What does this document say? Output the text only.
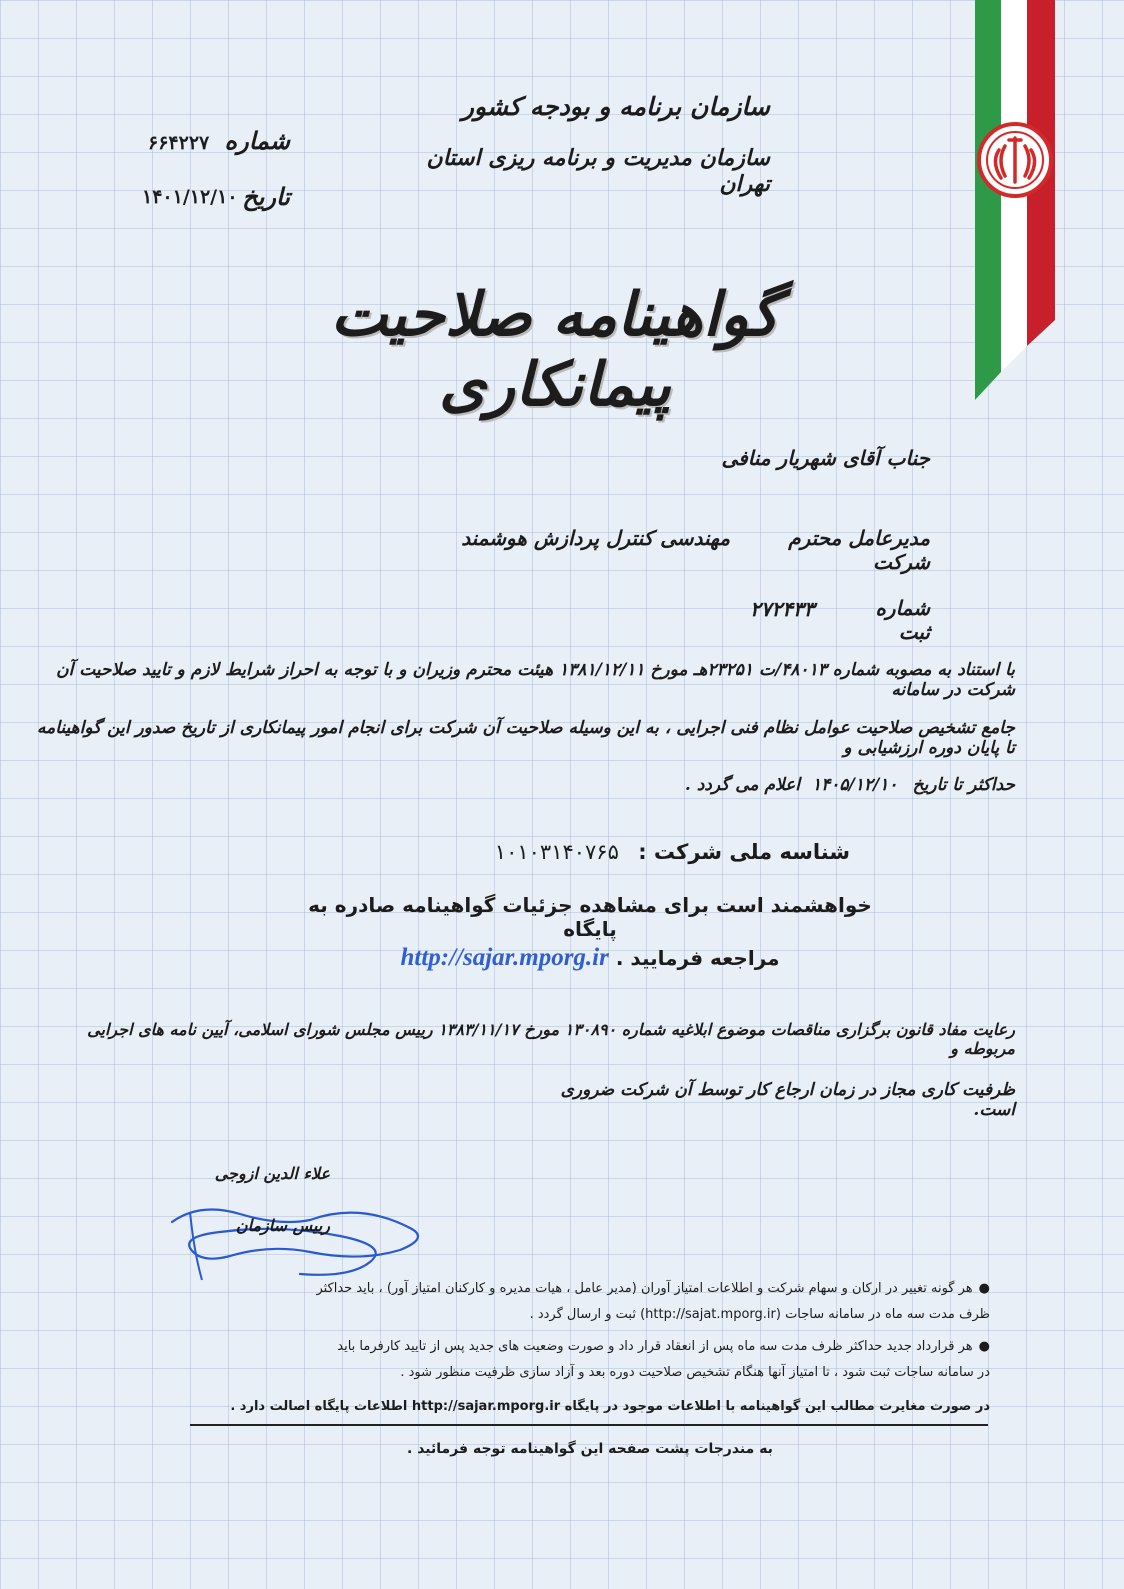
سازمان برنامه و بودجه کشور
سازمان مدیریت و برنامه ریزی استان تهران
شماره
۶۶۴۲۲۷
تاریخ
۱۴۰۱/۱۲/۱۰
گواهینامه صلاحیت پیمانکاری
جناب آقای شهریار منافی
مدیرعامل محترم شرکت
مهندسی کنترل پردازش هوشمند
شماره ثبت
۲۷۲۴۳۳
با استناد به مصوبه شماره ۴۸۰۱۳/ت ۲۳۲۵۱هـ مورخ ۱۳۸۱/۱۲/۱۱ هیئت محترم وزیران و با توجه به احراز شرایط لازم و تایید صلاحیت آن شرکت در سامانه
جامع تشخیص صلاحیت عوامل نظام فنی اجرایی ، به این وسیله صلاحیت آن شرکت برای انجام امور پیمانکاری از تاریخ صدور این گواهینامه تا پایان دوره ارزشیابی و
حداکثر تا تاریخ
۱۴۰۵/۱۲/۱۰
اعلام می گردد .
شناسه ملی شرکت : ۱۰۱۰۳۱۴۰۷۶۵
خواهشمند است برای مشاهده جزئیات گواهینامه صادره به پایگاه
مراجعه فرمایید . http://sajar.mporg.ir
رعایت مفاد قانون برگزاری مناقصات موضوع ابلاغیه شماره ۱۳۰۸۹۰ مورخ ۱۳۸۳/۱۱/۱۷ رییس مجلس شورای اسلامی، آیین نامه های اجرایی مربوطه و
ظرفیت کاری مجاز در زمان ارجاع کار توسط آن شرکت ضروری است.
علاء الدین ازوجی
رییس سازمان
●هر گونه تغییر در ارکان و سهام شرکت و اطلاعات امتیاز آوران (مدیر عامل ، هیات مدیره و کارکنان امتیاز آور) ، باید حداکثر
ظرف مدت سه ماه در سامانه ساجات (http://sajat.mporg.ir) ثبت و ارسال گردد .
●هر قرارداد جدید حداکثر ظرف مدت سه ماه پس از انعقاد قرار داد و صورت وضعیت های جدید پس از تایید کارفرما باید
در سامانه ساجات ثبت شود ، تا امتیاز آنها هنگام تشخیص صلاحیت دوره بعد و آزاد سازی ظرفیت منظور شود .
در صورت مغایرت مطالب این گواهینامه با اطلاعات موجود در پایگاه http://sajar.mporg.ir اطلاعات پایگاه اصالت دارد .
به مندرجات پشت صفحه این گواهینامه توجه فرمائید .
